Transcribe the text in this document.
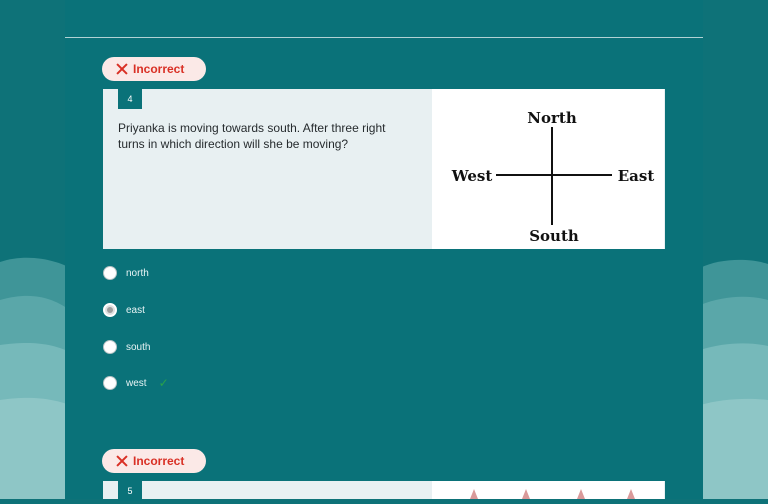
Incorrect
4
Priyanka is moving towards south. After three right turns in which direction will she be moving?
North
South
West	East
north
east
south
west ✓
Incorrect
5
